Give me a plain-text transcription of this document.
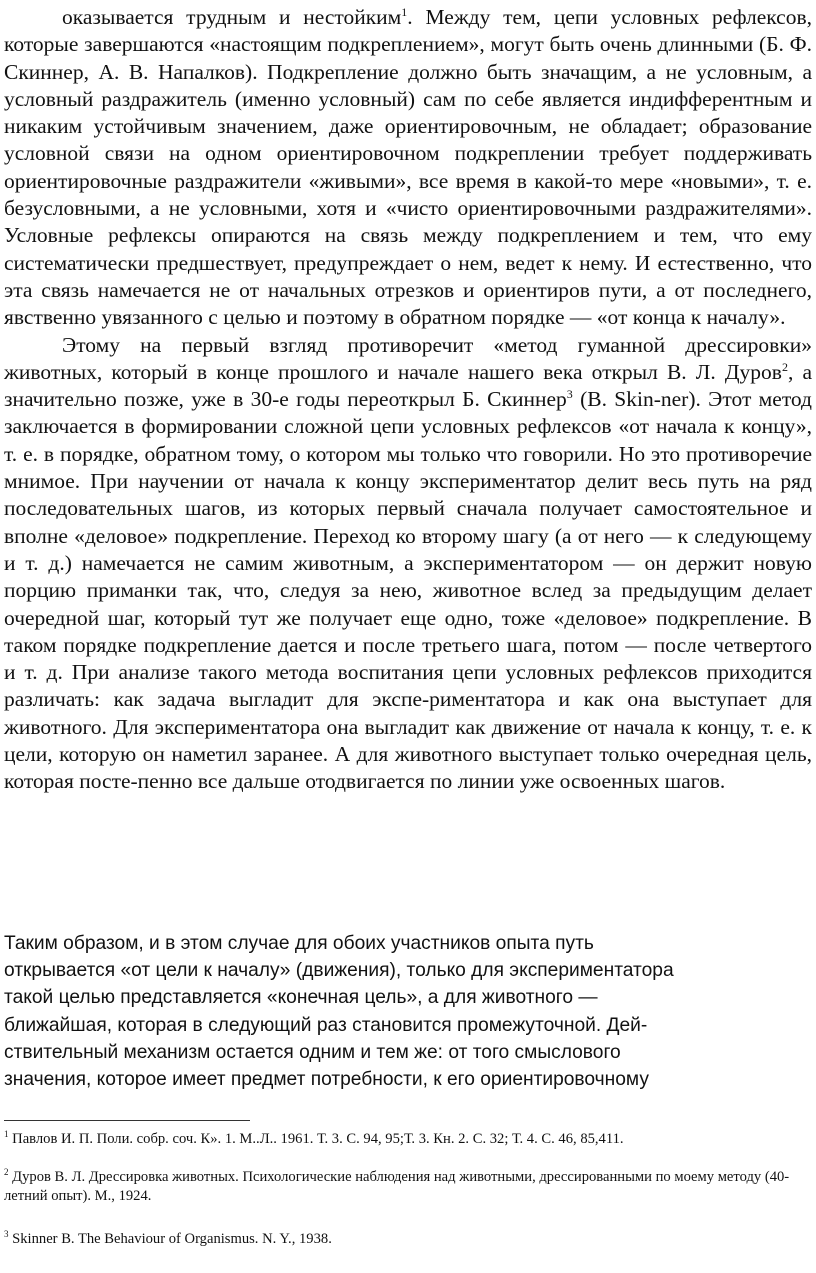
оказывается трудным и нестойким$^1$. Между тем, цепи условных рефлексов, которые завершаются «настоящим подкреплением», могут быть очень длинными (Б. Ф. Скиннер, А. В. Напалков). Подкрепление должно быть значащим, а не условным, а условный раздражитель (именно условный) сам по себе является индифферентным и никаким устойчивым значением, даже ориентировочным, не обладает; образование условной связи на одном ориентировочном подкреплении требует поддерживать ориентировочные раздражители «живыми», все время в какой-то мере «новыми», т. е. безусловными, а не условными, хотя и «чисто ориентировочными раздражителями». Условные рефлексы опираются на связь между подкреплением и тем, что ему систематически предшествует, предупреждает о нем, ведет к нему. И естественно, что эта связь намечается не от начальных отрезков и ориентиров пути, а от последнего, явственно увязанного с целью и поэтому в обратном порядке — «от конца к началу».

Этому на первый взгляд противоречит «метод гуманной дрессировки» животных, который в конце прошлого и начале нашего века открыл В. Л. Дуров$^2$, а значительно позже, уже в 30-е годы переоткрыл Б. Скиннер$^3$ (B. Skin-ner). Этот метод заключается в формировании сложной цепи условных рефлексов «от начала к концу», т. е. в порядке, обратном тому, о котором мы только что говорили. Но это противоречие мнимое. При научении от начала к концу экспериментатор делит весь путь на ряд последовательных шагов, из которых первый сначала получает самостоятельное и вполне «деловое» подкрепление. Переход ко второму шагу (а от него — к следующему и т. д.) намечается не самим животным, а экспериментатором — он держит новую порцию приманки так, что, следуя за нею, животное вслед за предыдущим делает очередной шаг, который тут же получает еще одно, тоже «деловое» подкрепление. В таком порядке подкрепление дается и после третьего шага, потом — после четвертого и т. д. При анализе такого метода воспитания цепи условных рефлексов приходится различать: как задача выгладит для экспе-риментатора и как она выступает для животного. Для экспериментатора она выгладит как движение от начала к концу, т. е. к цели, которую он наметил заранее. А для животного выступает только очередная цель, которая посте-пенно все дальше отодвигается по линии уже освоенных шагов.

Таким образом, и в этом случае для обоих участников опыта путь

открывается «от цели к началу» (движения), только для экспериментатора

такой целью представляется «конечная цель», а для животного —

ближайшая, которая в следующий раз становится промежуточной. Дей-

ствительный механизм остается одним и тем же: от того смыслового

значения, которое имеет предмет потребности, к его ориентировочному

$^1$ Павлов И. П. Поли. собр. соч. К». 1. М..Л.. 1961. Т. 3. С. 94, 95;Т. 3. Кн. 2. С. 32; Т. 4. С. 46, 85,411.

$^2$ Дуров В. Л. Дрессировка животных. Психологические наблюдения над животными, дрессированными по моему методу (40-летний опыт). М., 1924.

$^3$ Skinner B. The Behaviour of Organismus. N. Y., 1938.
